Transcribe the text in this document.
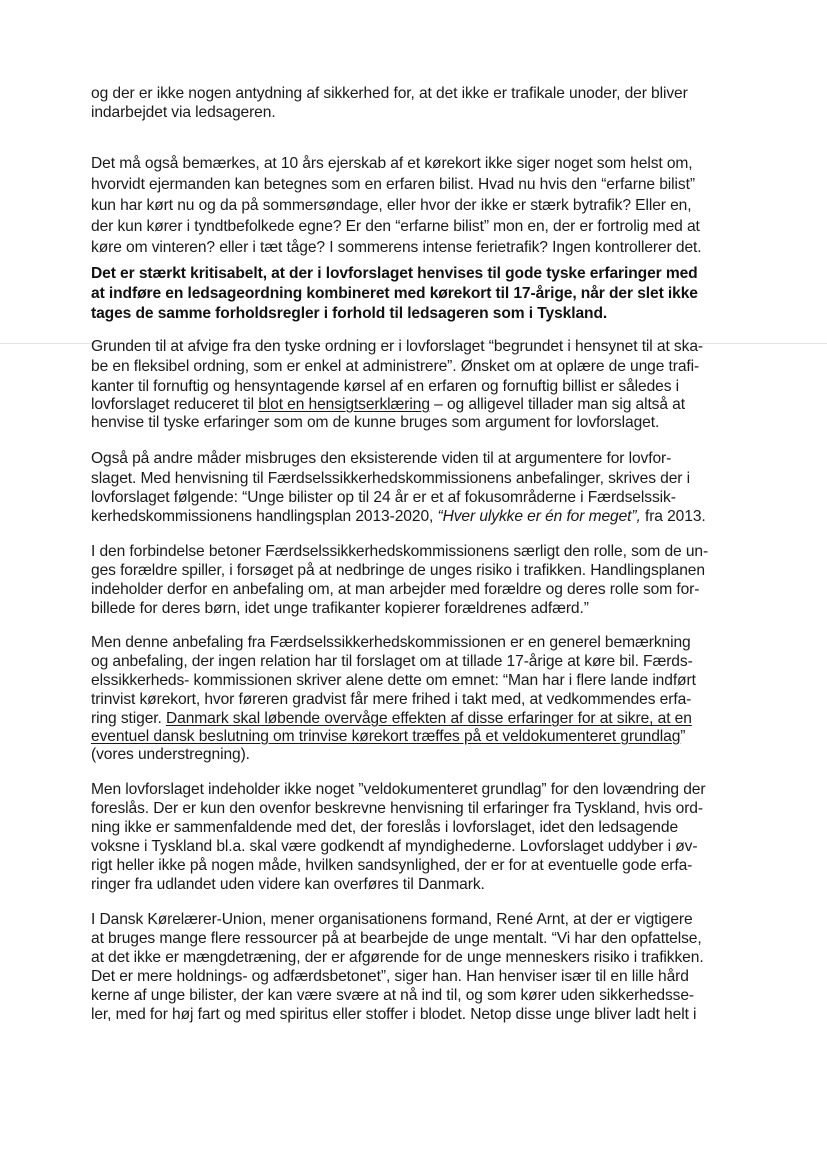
og der er ikke nogen antydning af sikkerhed for, at det ikke er trafikale unoder, der bliver

indarbejdet via ledsageren.

Det må også bemærkes, at 10 års ejerskab af et kørekort ikke siger noget som helst om,

hvorvidt ejermanden kan betegnes som en erfaren bilist. Hvad nu hvis den “erfarne bilist”

kun har kørt nu og da på sommersøndage, eller hvor der ikke er stærk bytrafik? Eller en,

der kun kører i tyndtbefolkede egne? Er den “erfarne bilist” mon en, der er fortrolig med at

køre om vinteren? eller i tæt tåge? I sommerens intense ferietrafik? Ingen kontrollerer det.

Det er stærkt kritisabelt, at der i lovforslaget henvises til gode tyske erfaringer med

at indføre en ledsageordning kombineret med kørekort til 17-årige, når der slet ikke

tages de samme forholdsregler i forhold til ledsageren som i Tyskland.

Grunden til at afvige fra den tyske ordning er i lovforslaget “begrundet i hensynet til at ska-

be en fleksibel ordning, som er enkel at administrere”. Ønsket om at oplære de unge trafi-

kanter til fornuftig og hensyntagende kørsel af en erfaren og fornuftig billist er således i

lovforslaget reduceret til blot en hensigtserklæring – og alligevel tillader man sig altså at

henvise til tyske erfaringer som om de kunne bruges som argument for lovforslaget.

Også på andre måder misbruges den eksisterende viden til at argumentere for lovfor-

slaget. Med henvisning til Færdselssikkerhedskommissionens anbefalinger, skrives der i

lovforslaget følgende: “Unge bilister op til 24 år er et af fokusområderne i Færdselssik-

kerhedskommissionens handlingsplan 2013-2020, “Hver ulykke er én for meget”, fra 2013.

I den forbindelse betoner Færdselssikkerhedskommissionens særligt den rolle, som de un-

ges forældre spiller, i forsøget på at nedbringe de unges risiko i trafikken. Handlingsplanen

indeholder derfor en anbefaling om, at man arbejder med forældre og deres rolle som for-

billede for deres børn, idet unge trafikanter kopierer forældrenes adfærd.”

Men denne anbefaling fra Færdselssikkerhedskommissionen er en generel bemærkning

og anbefaling, der ingen relation har til forslaget om at tillade 17-årige at køre bil. Færds-

elssikkerheds- kommissionen skriver alene dette om emnet: “Man har i flere lande indført

trinvist kørekort, hvor føreren gradvist får mere frihed i takt med, at vedkommendes erfa-

ring stiger. Danmark skal løbende overvåge effekten af disse erfaringer for at sikre, at en

eventuel dansk beslutning om trinvise kørekort træffes på et veldokumenteret grundlag”

(vores understregning).

Men lovforslaget indeholder ikke noget ”veldokumenteret grundlag” for den lovændring der

foreslås. Der er kun den ovenfor beskrevne henvisning til erfaringer fra Tyskland, hvis ord-

ning ikke er sammenfaldende med det, der foreslås i lovforslaget, idet den ledsagende

voksne i Tyskland bl.a. skal være godkendt af myndighederne. Lovforslaget uddyber i øv-

rigt heller ikke på nogen måde, hvilken sandsynlighed, der er for at eventuelle gode erfa-

ringer fra udlandet uden videre kan overføres til Danmark.

I Dansk Kørelærer-Union, mener organisationens formand, René Arnt, at der er vigtigere

at bruges mange flere ressourcer på at bearbejde de unge mentalt. “Vi har den opfattelse,

at det ikke er mængdetræning, der er afgørende for de unge menneskers risiko i trafikken.

Det er mere holdnings- og adfærdsbetonet”, siger han. Han henviser især til en lille hård

kerne af unge bilister, der kan være svære at nå ind til, og som kører uden sikkerhedsse-

ler, med for høj fart og med spiritus eller stoffer i blodet. Netop disse unge bliver ladt helt i
